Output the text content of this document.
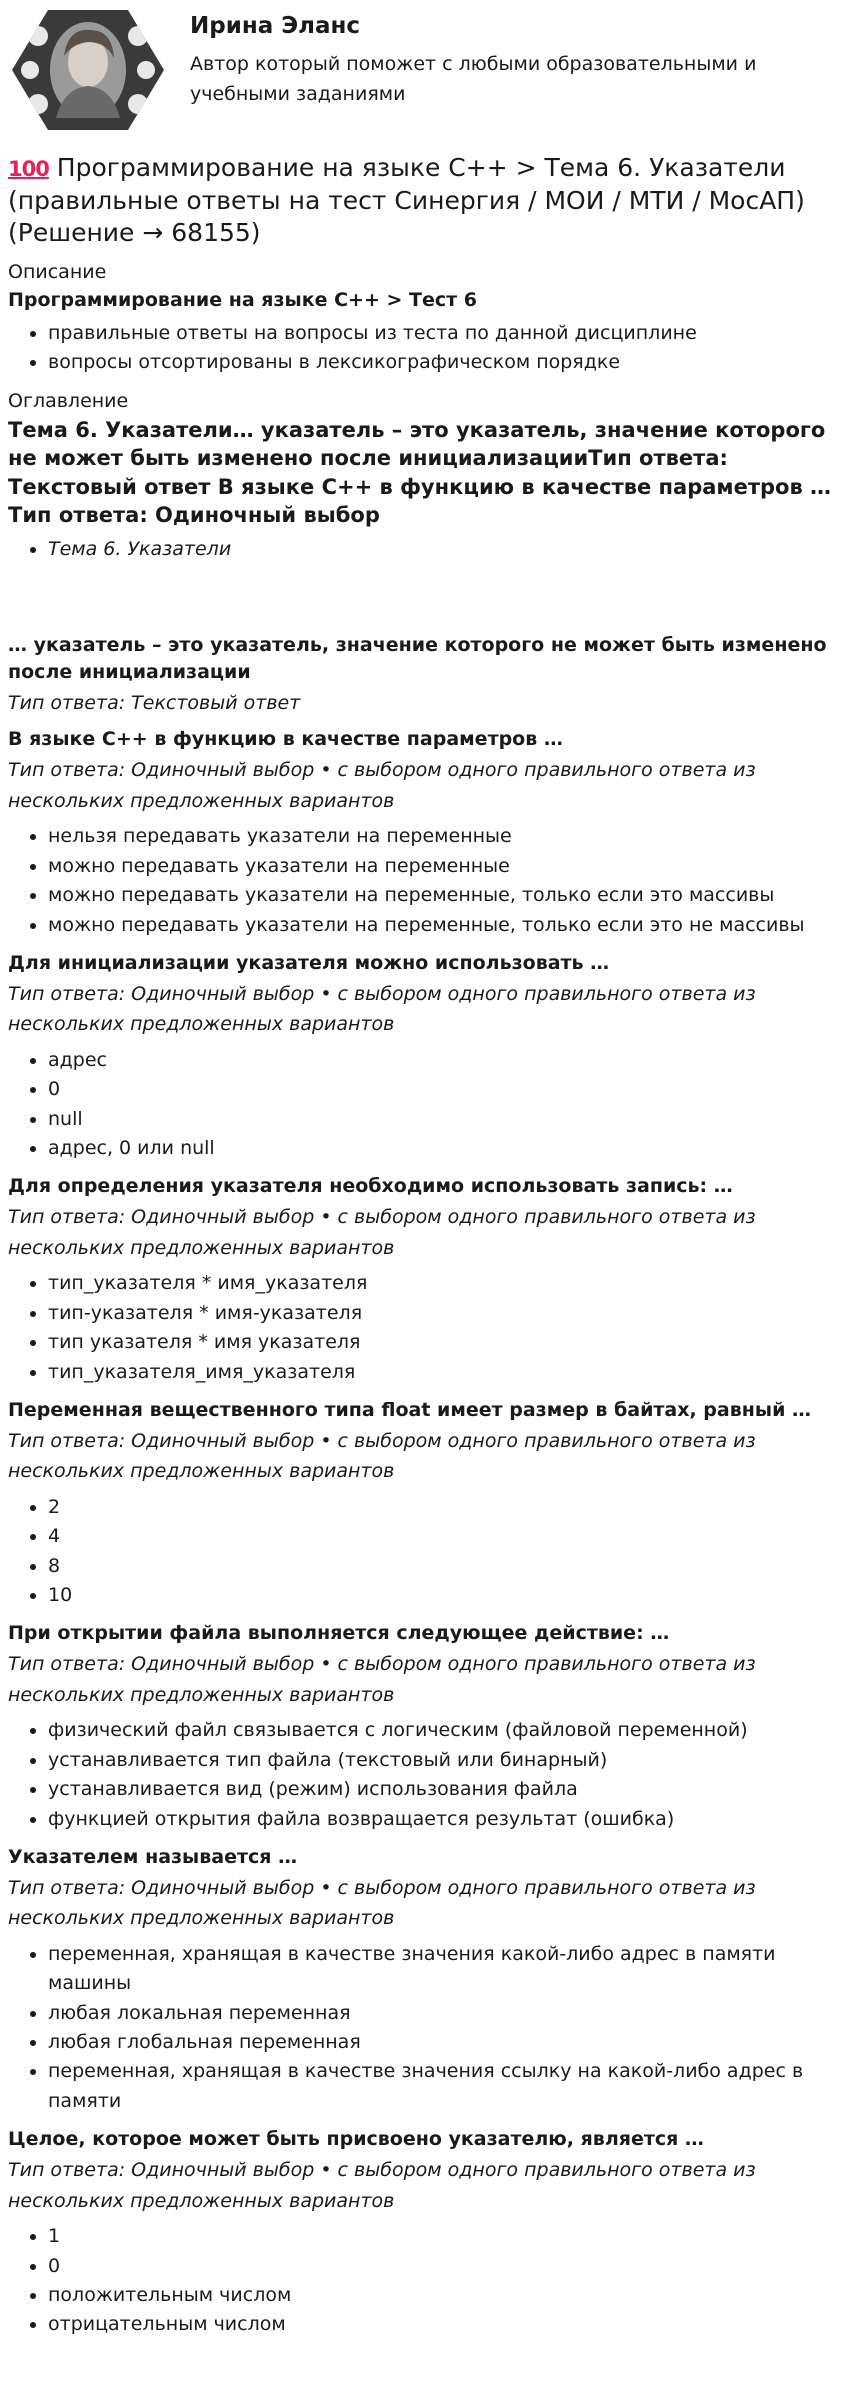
Ирина Эланс
Автор который поможет с любыми образовательными и учебными заданиями
100 Программирование на языке C++ > Тема 6. Указатели (правильные ответы на тест Синергия / МОИ / МТИ / МосАП) (Решение → 68155)
Описание
Программирование на языке C++ > Тест 6
• правильные ответы на вопросы из теста по данной дисциплине
• вопросы отсортированы в лексикографическом порядке
Оглавление
Тема 6. Указатели… указатель – это указатель, значение которого не может быть изменено после инициализацииТип ответа: Текстовый ответ В языке C++ в функцию в качестве параметров …Тип ответа: Одиночный выбор
• Тема 6. Указатели
… указатель – это указатель, значение которого не может быть изменено после инициализации
Тип ответа: Текстовый ответ
В языке C++ в функцию в качестве параметров …
Тип ответа: Одиночный выбор • с выбором одного правильного ответа из нескольких предложенных вариантов
• нельзя передавать указатели на переменные
• можно передавать указатели на переменные
• можно передавать указатели на переменные, только если это массивы
• можно передавать указатели на переменные, только если это не массивы
Для инициализации указателя можно использовать …
Тип ответа: Одиночный выбор • с выбором одного правильного ответа из нескольких предложенных вариантов
• адрес
• 0
• null
• адрес, 0 или null
Для определения указателя необходимо использовать запись: …
Тип ответа: Одиночный выбор • с выбором одного правильного ответа из нескольких предложенных вариантов
• тип_указателя * имя_указателя
• тип-указателя * имя-указателя
• тип указателя * имя указателя
• тип_указателя_имя_указателя
Переменная вещественного типа float имеет размер в байтах, равный …
Тип ответа: Одиночный выбор • с выбором одного правильного ответа из нескольких предложенных вариантов
• 2
• 4
• 8
• 10
При открытии файла выполняется следующее действие: …
Тип ответа: Одиночный выбор • с выбором одного правильного ответа из нескольких предложенных вариантов
• физический файл связывается с логическим (файловой переменной)
• устанавливается тип файла (текстовый или бинарный)
• устанавливается вид (режим) использования файла
• функцией открытия файла возвращается результат (ошибка)
Указателем называется …
Тип ответа: Одиночный выбор • с выбором одного правильного ответа из нескольких предложенных вариантов
• переменная, хранящая в качестве значения какой-либо адрес в памяти машины
• любая локальная переменная
• любая глобальная переменная
• переменная, хранящая в качестве значения ссылку на какой-либо адрес в памяти
Целое, которое может быть присвоено указателю, является …
Тип ответа: Одиночный выбор • с выбором одного правильного ответа из нескольких предложенных вариантов
• 1
• 0
• положительным числом
• отрицательным числом
